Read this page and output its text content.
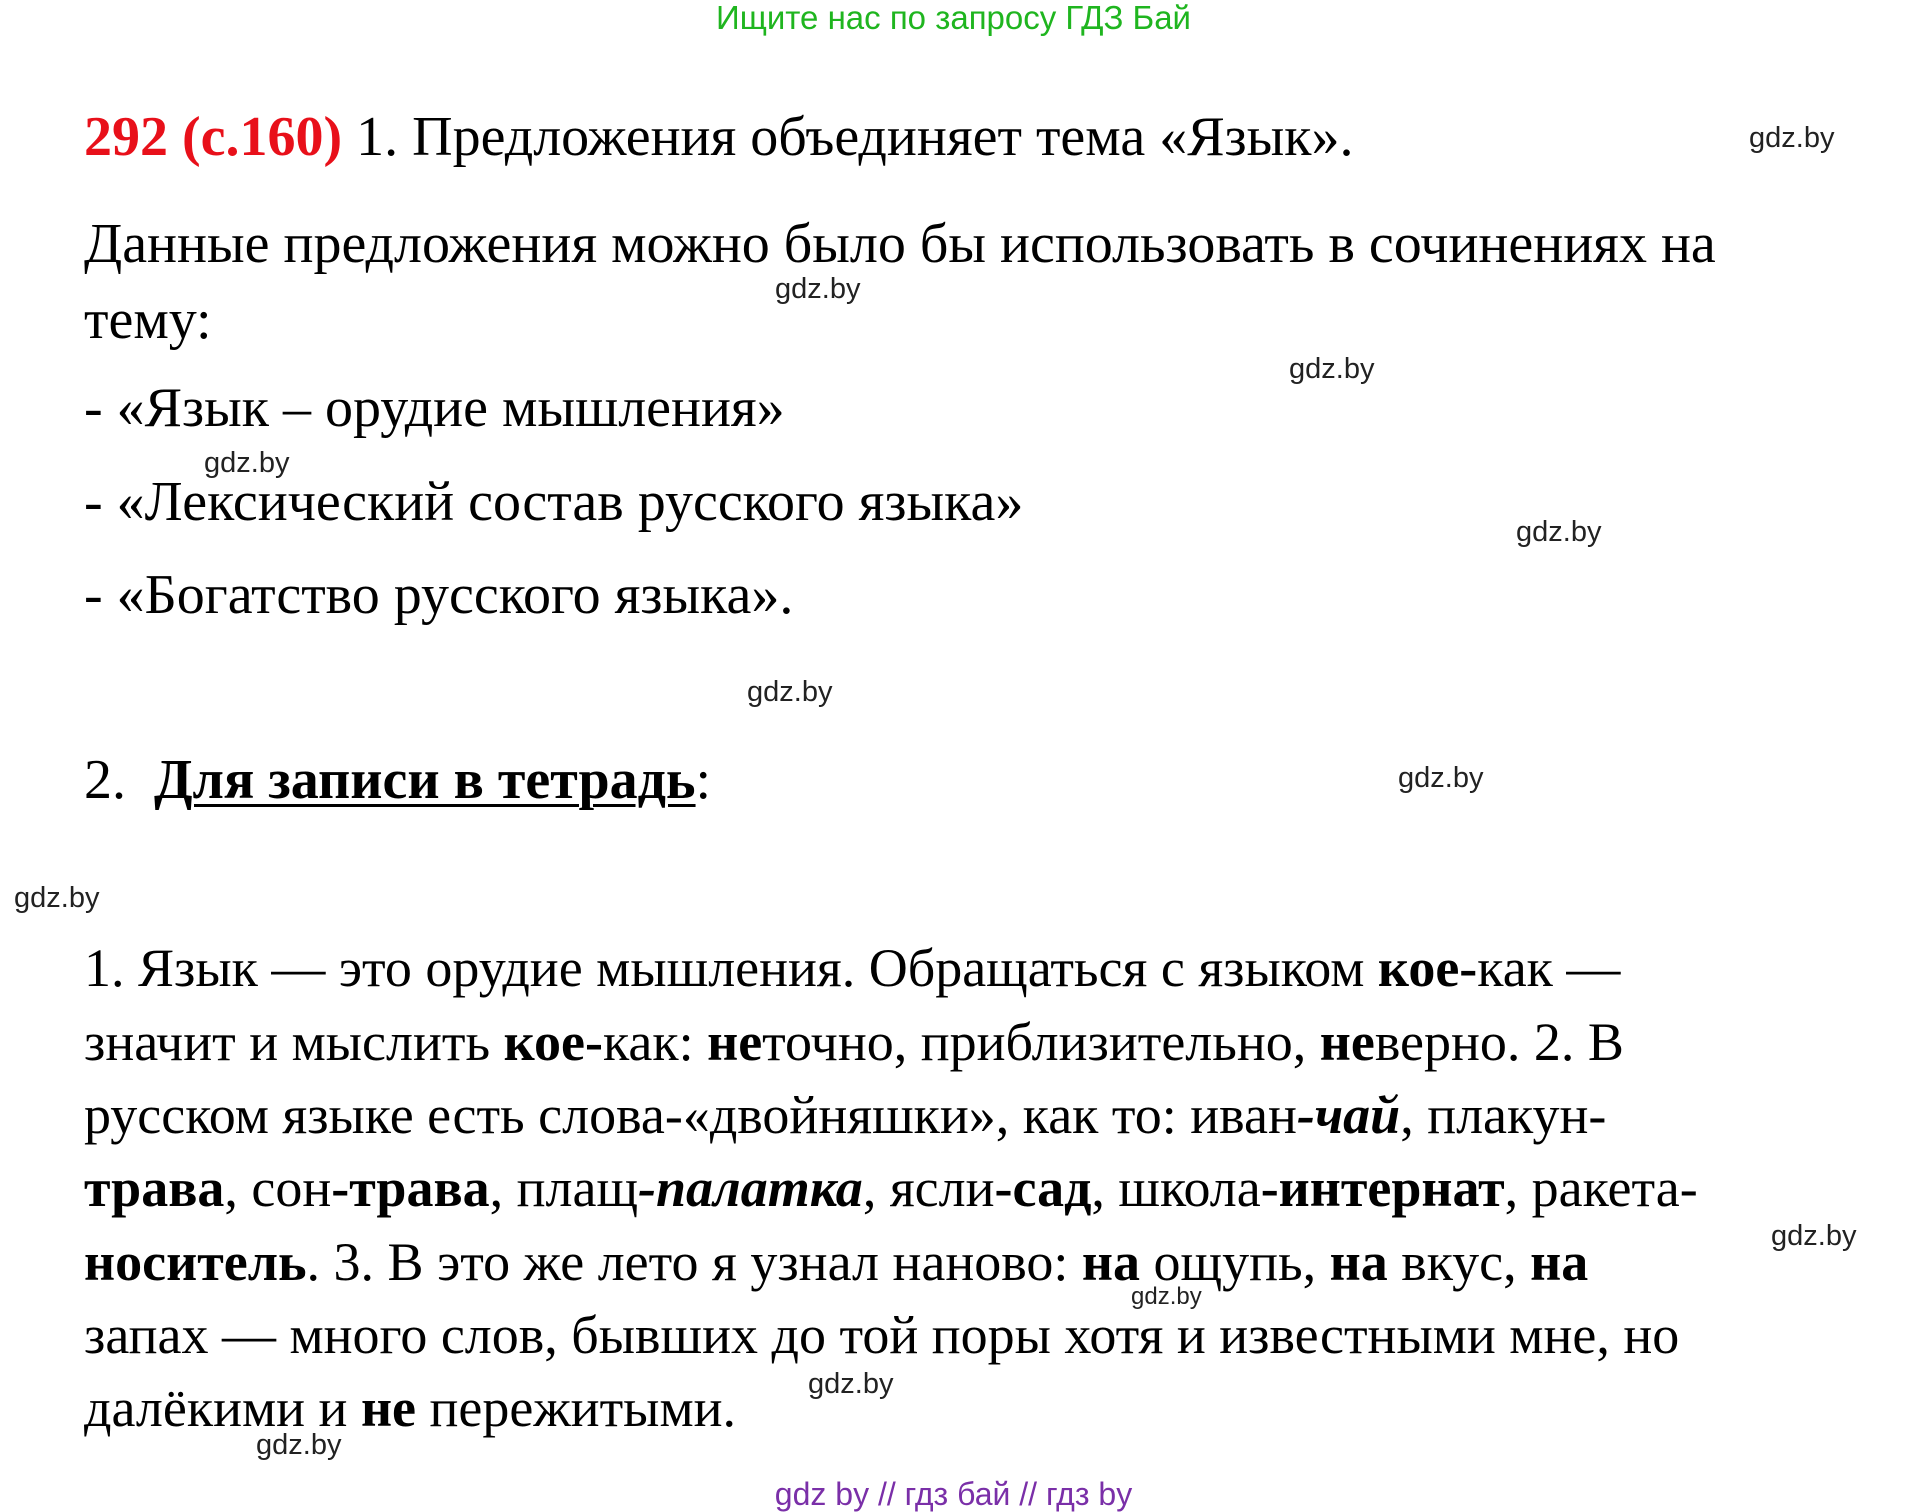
Ищите нас по запросу ГДЗ Бай
292 (с.160) 1. Предложения объединяет тема «Язык».
Данные предложения можно было бы использовать в сочинениях на
тему:
- «Язык – орудие мышления»
- «Лексический состав русского языка»
- «Богатство русского языка».
2. Для записи в тетрадь:
1. Язык — это орудие мышления. Обращаться с языком кое-как —
значит и мыслить кое-как: неточно, приблизительно, неверно. 2. В
русском языке есть слова-«двойняшки», как то: иван-чай, плакун-
трава, сон-трава, плащ-палатка, ясли-сад, школа-интернат, ракета-
носитель. 3. В это же лето я узнал наново: на ощупь, на вкус, на
запах — много слов, бывших до той поры хотя и известными мне, но
далёкими и не пережитыми.
gdz.by
gdz.by
gdz.by
gdz.by
gdz.by
gdz.by
gdz.by
gdz.by
gdz.by
gdz.by
gdz.by
gdz.by
gdz by // гдз бай // гдз by
